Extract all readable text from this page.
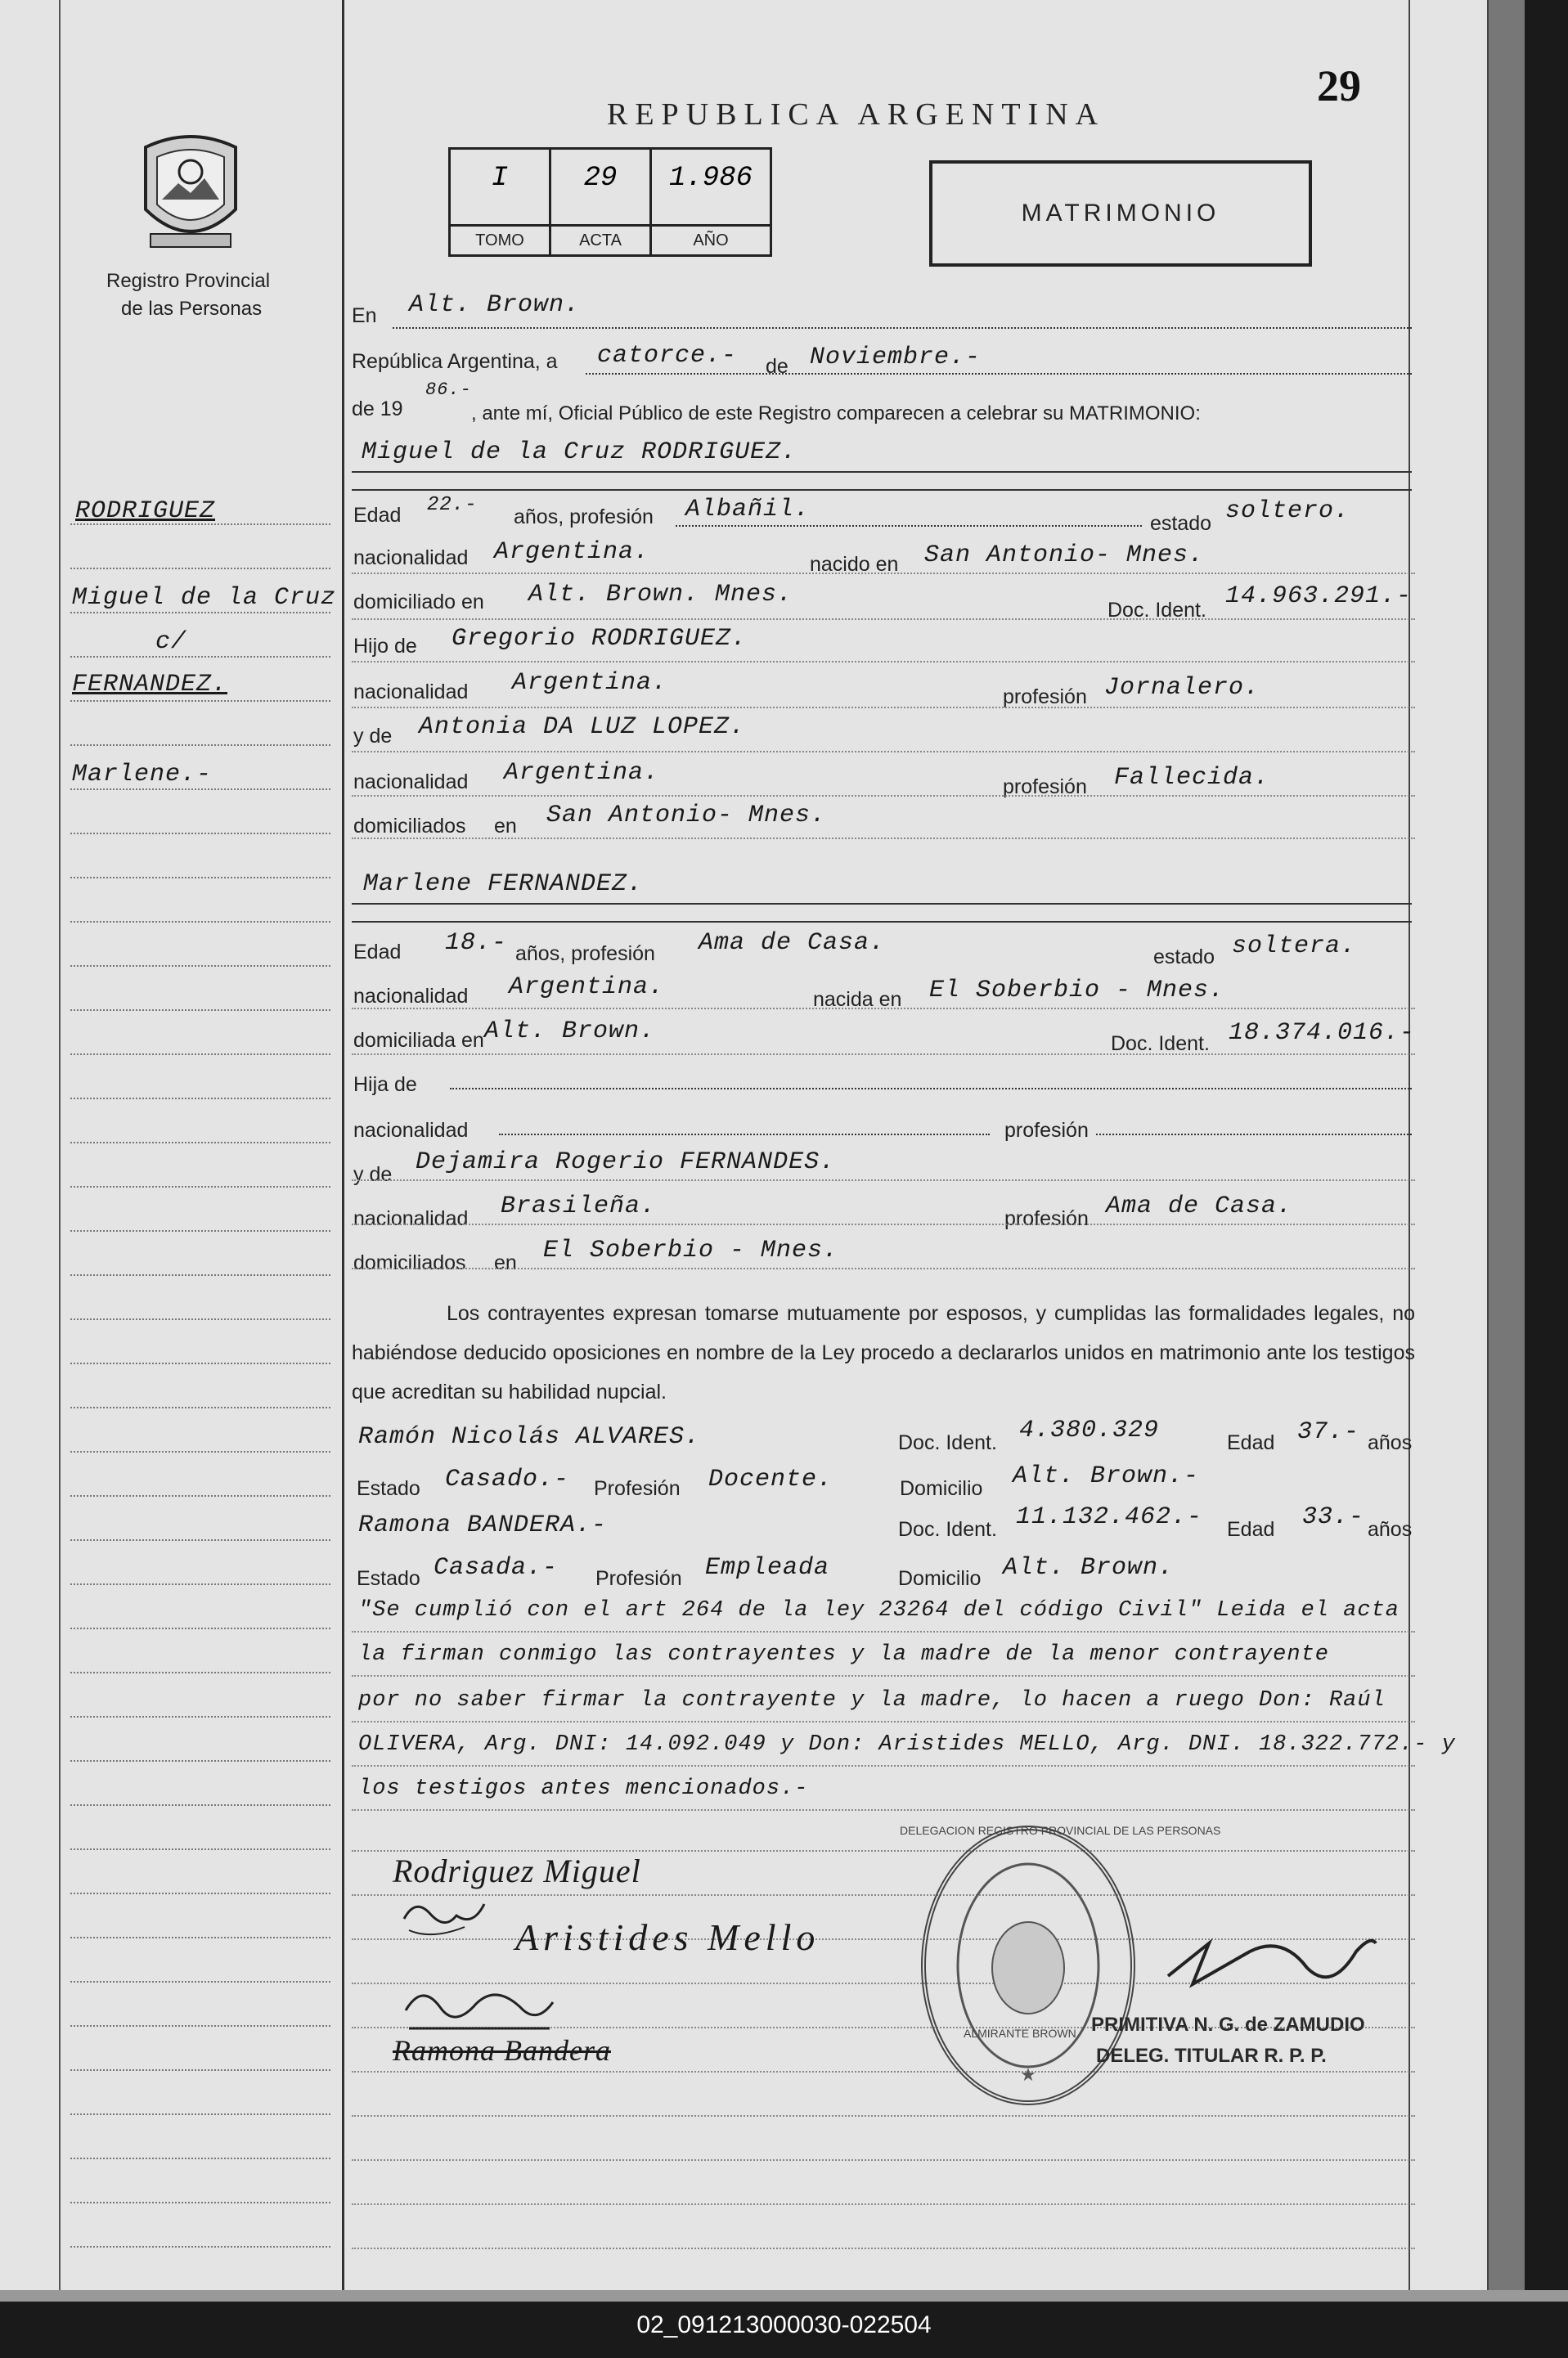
Registro Provincial
de las Personas
REPUBLICA ARGENTINA
29
I
TOMO
29
ACTA
1.986
AÑO
MATRIMONIO
RODRIGUEZ
Miguel de la Cruz
c/
FERNANDEZ.
Marlene.-
En Alt. Brown.
República Argentina, a catorce.- de Noviembre.-
de 19
86.-
, ante mí, Oficial Público de este Registro comparecen a celebrar su MATRIMONIO:
Miguel de la Cruz RODRIGUEZ.
Edad 22.-
años, profesión Albañil.	estado soltero.
nacionalidad Argentina.	nacido en San Antonio- Mnes.
domiciliado en Alt. Brown. Mnes.
Doc. Ident. 14.963.291.-
Hijo de Gregorio RODRIGUEZ.
nacionalidad Argentina.	profesión Jornalero.
y de Antonia DA LUZ LOPEZ.
nacionalidad Argentina.	profesión Fallecida.
domiciliados en San Antonio- Mnes.
Marlene FERNANDEZ.
Edad 18.- años, profesión Ama de Casa.	estado soltera.
nacionalidad Argentina.	nacida en El Soberbio - Mnes.
domiciliada en Alt. Brown.	Doc. Ident. 18.374.016.-
Hija de
nacionalidad	profesión
y de Dejamira Rogerio FERNANDES.
nacionalidad Brasileña.	profesión Ama de Casa.
domiciliados en El Soberbio - Mnes.
Los contrayentes expresan tomarse mutuamente por esposos, y cumplidas las formalidades legales, no habiéndose deducido oposiciones en nombre de la Ley procedo a declararlos unidos en matrimonio ante los testigos que acreditan su habilidad nupcial.
Ramón Nicolás ALVARES.	Doc. Ident. 4.380.329	Edad 37.- años
Estado Casado.- Profesión Docente.	Domicilio Alt. Brown.-
Ramona BANDERA.-	Doc. Ident. 11.132.462.- Edad 33.- años
Estado Casada.- Profesión Empleada	Domicilio Alt. Brown.
"Se cumplió con el art 264 de la ley 23264 del código Civil" Leida el acta
la firman conmigo las contrayentes y la madre de la menor contrayente
por no saber firmar la contrayente y la madre, lo hacen a ruego Don: Raúl
OLIVERA, Arg. DNI: 14.092.049 y Don: Aristides MELLO, Arg. DNI. 18.322.772.- y
los testigos antes mencionados.-
Rodriguez Miguel
Aristides Mello
Ramona Bandera
★
DELEGACION REGISTRO PROVINCIAL DE LAS PERSONAS
ALMIRANTE BROWN PRIMITIVA N. G. de ZAMUDIO
DELEG. TITULAR R. P. P.
02_091213000030-022504
